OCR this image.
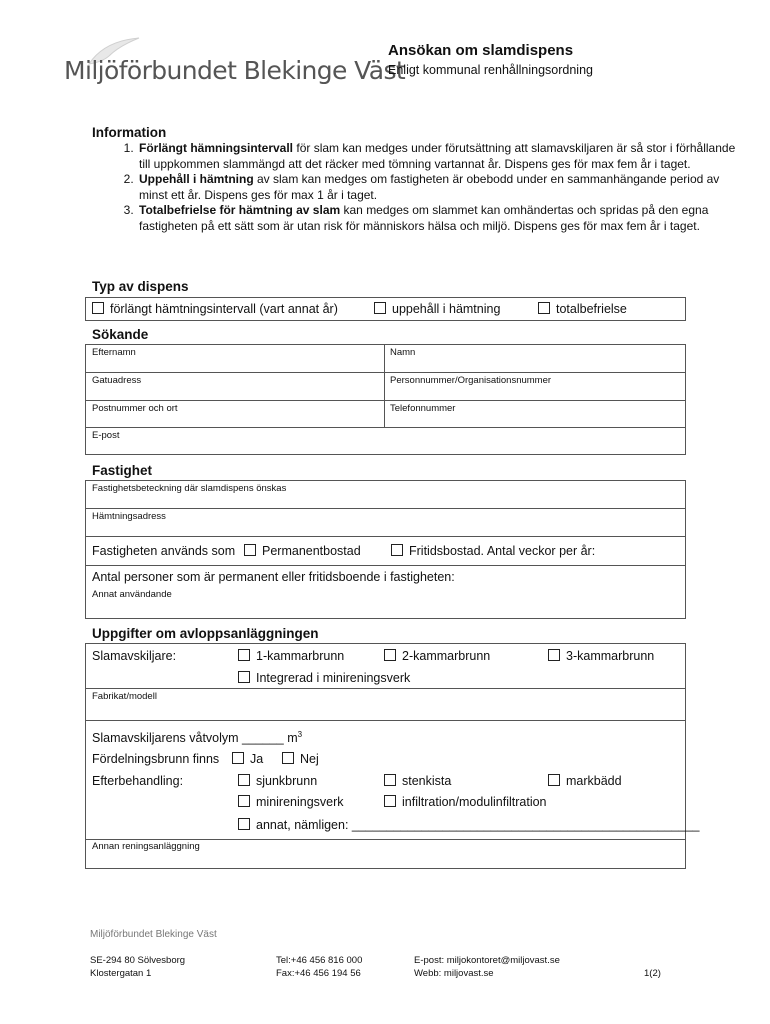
Miljöförbundet Blekinge Väst
Ansökan om slamdispens
Enligt kommunal renhållningsordning
Information
1. Förlängt hämningsintervall för slam kan medges under förutsättning att slamavskiljaren är så stor i förhållande till uppkommen slammängd att det räcker med tömning vartannat år. Dispens ges för max fem år i taget.
2. Uppehåll i hämtning av slam kan medges om fastigheten är obebodd under en sammanhängande period av minst ett år. Dispens ges för max 1 år i taget.
3. Totalbefrielse för hämtning av slam kan medges om slammet kan omhändertas och spridas på den egna fastigheten på ett sätt som är utan risk för människors hälsa och miljö. Dispens ges för max fem år i taget.
Typ av dispens
förlängt hämtningsintervall (vart annat år)	uppehåll i hämtning	totalbefrielse
Sökande
Efternamn	Namn
Gatuadress	Personnummer/Organisationsnummer
Postnummer och ort	Telefonnummer
E-post
Fastighet
Fastighetsbeteckning där slamdispens önskas
Hämtningsadress
Fastigheten används som	Permanentbostad	Fritidsbostad. Antal veckor per år:
Antal personer som är permanent eller fritidsboende i fastigheten:
Annat användande
Uppgifter om avloppsanläggningen
Slamavskiljare:	1-kammarbrunn	2-kammarbrunn	3-kammarbrunn
Integrerad i minireningsverk
Fabrikat/modell
Slamavskiljarens våtvolym ______ $m^3$
Fördelningsbrunn finns	Ja	Nej
Efterbehandling:	sjunkbrunn	stenkista	markbädd
minireningsverk	infiltration/modulinfiltration
annat, nämligen: __________________________________________________
Annan reningsanläggning
Miljöförbundet Blekinge Väst
SE-294 80 Sölvesborg
Klostergatan 1
Tel:+46 456 816 000
Fax:+46 456 194 56
E-post: miljokontoret@miljovast.se
Webb: miljovast.se	1(2)
